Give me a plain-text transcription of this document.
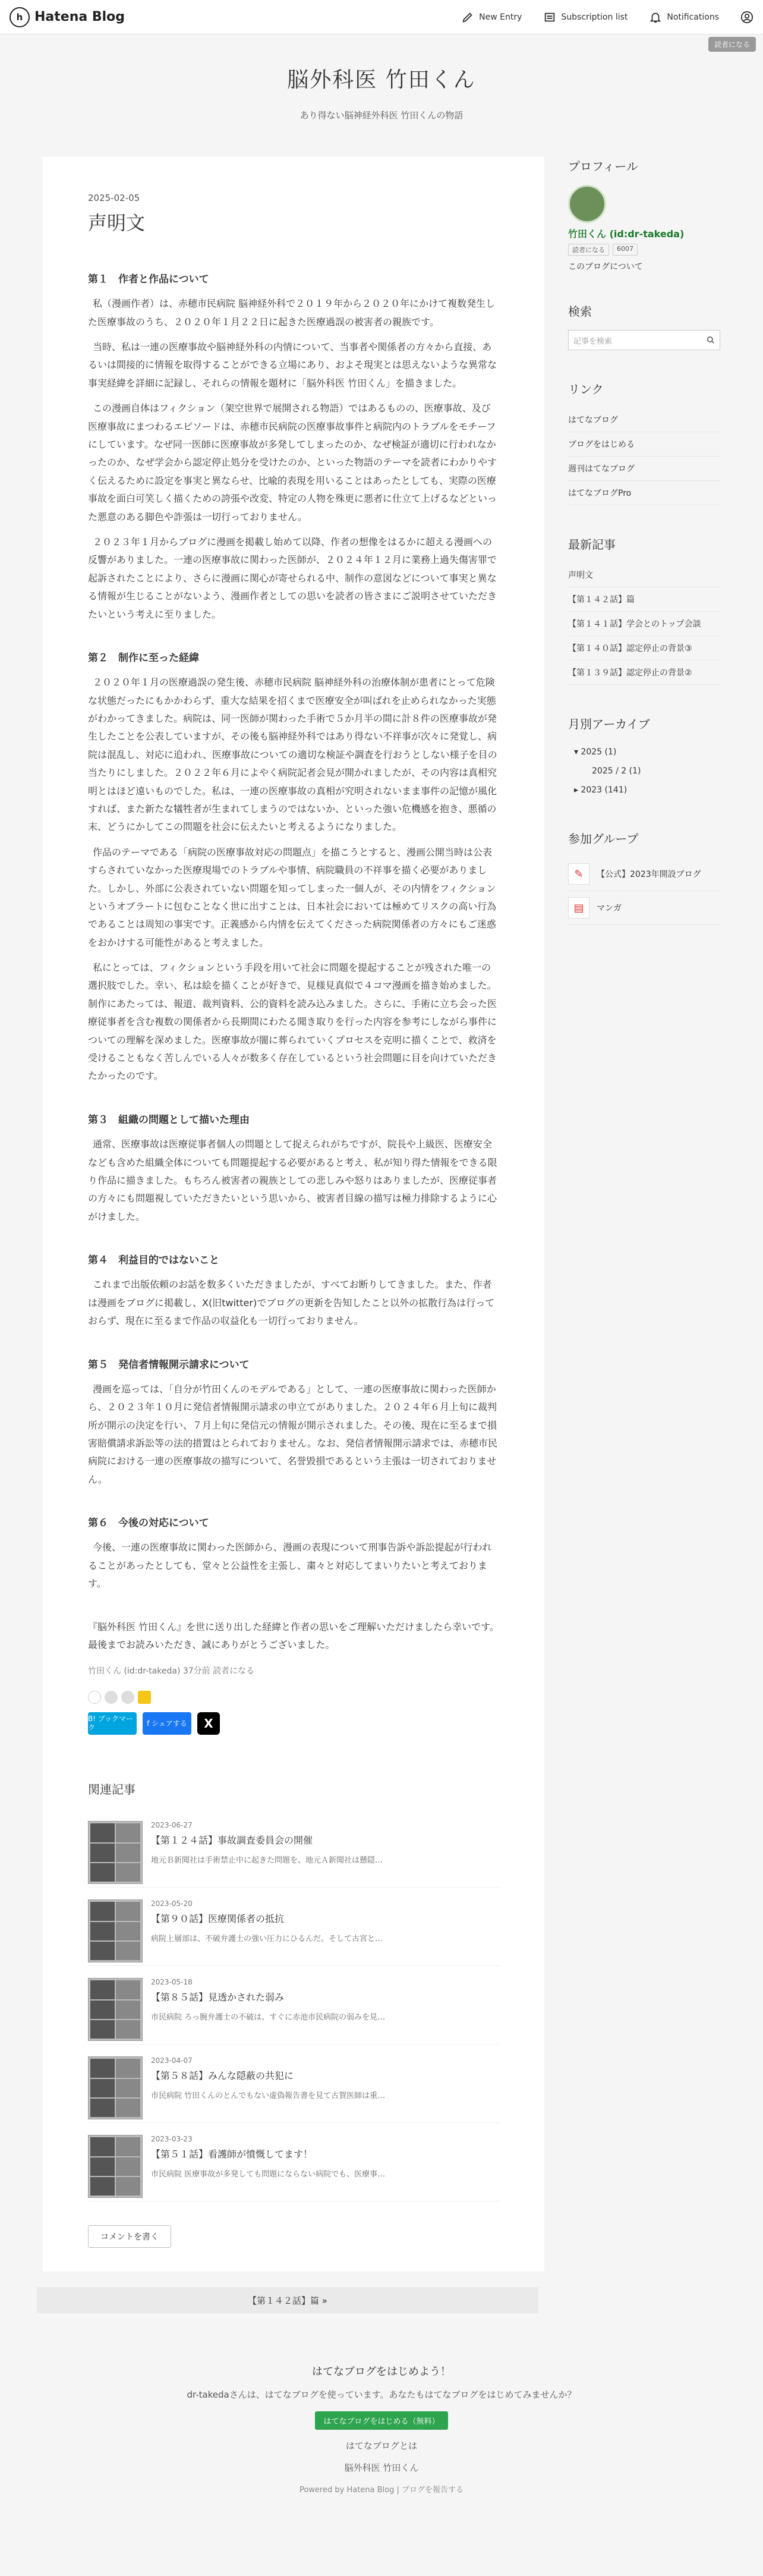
h Hatena Blog	New Entry	Subscription list	Notifications
読者になる
脳外科医 竹田くん

あり得ない脳神経外科医 竹田くんの物語

2025-02-05
声明文
第１　作者と作品について

私（漫画作者）は、赤穂市民病院 脳神経外科で２０１９年から２０２０年にかけて複数発生した医療事故のうち、２０２０年１月２２日に起きた医療過誤の被害者の親族です。

当時、私は一連の医療事故や脳神経外科の内情について、当事者や関係者の方々から直接、あるいは間接的に情報を取得することができる立場にあり、およそ現実とは思えないような異常な事実経緯を詳細に記録し、それらの情報を題材に「脳外科医 竹田くん」を描きました。

この漫画自体はフィクション（架空世界で展開される物語）ではあるものの、医療事故、及び医療事故にまつわるエピソードは、赤穂市民病院の医療事故事件と病院内のトラブルをモチーフにしています。なぜ同一医師に医療事故が多発してしまったのか、なぜ検証が適切に行われなかったのか、なぜ学会から認定停止処分を受けたのか、といった物語のテーマを読者にわかりやすく伝えるために設定を事実と異ならせ、比喩的表現を用いることはあったとしても、実際の医療事故を面白可笑しく描くための誇張や改変、特定の人物を殊更に悪者に仕立て上げるなどといった悪意のある脚色や詐張は一切行っておりません。

２０２３年１月からブログに漫画を掲載し始めて以降、作者の想像をはるかに超える漫画への反響がありました。一連の医療事故に関わった医師が、２０２４年１２月に業務上過失傷害罪で起訴されたことにより、さらに漫画に関心が寄せられる中、制作の意図などについて事実と異なる情報が生じることがないよう、漫画作者としての思いを読者の皆さまにご説明させていただきたいという考えに至りました。

第２　制作に至った経緯

２０２０年１月の医療過誤の発生後、赤穂市民病院 脳神経外科の治療体制が患者にとって危険な状態だったにもかかわらず、重大な結果を招くまで医療安全が叫ばれを止められなかった実態がわかってきました。病院は、同一医師が関わった手術で５か月半の間に計８件の医療事故が発生したことを公表していますが、その後も脳神経外科ではあり得ない不祥事が次々に発覚し、病院は混乱し、対応に追われ、医療事故についての適切な検証や調査を行おうとしない様子を目の当たりにしました。２０２２年６月によやく病院記者会見が開かれましたが、その内容は真相究明とはほど遠いものでした。私は、一連の医療事故の真相が究明されないまま事件の記憶が風化すれば、また新たな犠牲者が生まれてしまうのではないか、といった強い危機感を抱き、悪循の末、どうにかしてこの問題を社会に伝えたいと考えるようになりました。

作品のテーマである「病院の医療事故対応の問題点」を描こうとすると、漫画公開当時は公表すらされていなかった医療現場でのトラブルや事情、病院職員の不祥事を描く必要がありました。しかし、外部に公表されていない問題を知ってしまった一個人が、その内情をフィクションというオブラートに包むことなく世に出すことは、日本社会においては極めてリスクの高い行為であることは周知の事実です。正義感から内情を伝えてくださった病院関係者の方々にもご迷惑をおかけする可能性があると考えました。

私にとっては、フィクションという手段を用いて社会に問題を提起することが残された唯一の選択肢でした。幸い、私は絵を描くことが好きで、見様見真似で４コマ漫画を描き始めました。制作にあたっては、報道、裁判資料、公的資料を読み込みました。さらに、手術に立ち会った医療従事者を含む複数の関係者から長期間にわたる聞き取りを行った内容を参考にしながら事件についての理解を深めました。医療事故が闇に葬られていくプロセスを克明に描くことで、救済を受けることもなく苦しんでいる人々が数多く存在しているという社会問題に目を向けていただきたかったのです。

第３　組織の問題として描いた理由

通常、医療事故は医療従事者個人の問題として捉えられがちですが、院長や上級医、医療安全なども含めた組織全体についても問題提起する必要があると考え、私が知り得た情報をできる限り作品に描きました。もちろん被害者の親族としての悲しみや怒りはありましたが、医療従事者の方々にも問題視していただきたいという思いから、被害者目線の描写は極力排除するように心がけました。

第４　利益目的ではないこと

これまで出版依頼のお話を数多くいただきましたが、すべてお断りしてきました。また、作者は漫画をブログに掲載し、X(旧twitter)でブログの更新を告知したこと以外の拡散行為は行っておらず、現在に至るまで作品の収益化も一切行っておりません。

第５　発信者情報開示請求について

漫画を巡っては、「自分が竹田くんのモデルである」として、一連の医療事故に関わった医師から、２０２３年１０月に発信者情報開示請求の申立てがありました。２０２４年６月上旬に裁判所が開示の決定を行い、７月上旬に発信元の情報が開示されました。その後、現在に至るまで損害賠償請求訴訟等の法的措置はとられておりません。なお、発信者情報開示請求では、赤穂市民病院における一連の医療事故の描写について、名誉毀損であるという主張は一切されておりません。

第６　今後の対応について

今後、一連の医療事故に関わった医師から、漫画の表現について刑事告訴や訴訟提起が行われることがあったとしても、堂々と公益性を主張し、粛々と対応してまいりたいと考えております。

『脳外科医 竹田くん』を世に送り出した経緯と作者の思いをご理解いただけましたら幸いです。最後までお読みいただき、誠にありがとうございました。

竹田くん (id:dr-takeda) 37分前 読者になる
B! ブックマーク
f シェアする X
関連記事
2023-06-27
【第１２４話】事故調査委員会の開催
地元Ｂ新聞社は手術禁止中に起きた問題を、地元Ａ新聞社は懸隠…
2023-05-20
【第９０話】医療関係者の抵抗
病院上層部は、不破弁護士の強い圧力にひるんだ。そして古宮と…
2023-05-18
【第８５話】見透かされた弱み
市民病院 ろっ腕弁護士の不破は、すぐに赤池市民病院の弱みを見…
2023-04-07
【第５８話】みんな隠蔽の共犯に
市民病院 竹田くんのとんでもない虚偽報告書を見て古賀医師は重…
2023-03-23
【第５１話】看護師が憤慨してます！
市民病院 医療事故が多発しても問題にならない病院でも、医療事…
コメントを書く
プロフィール
竹田くん (id:dr-takeda)
読者になる	6007
このブログについて
検索
記事を検索
リンク
はてなブログ
ブログをはじめる
週刊はてなブログ
はてなブログPro
最新記事
声明文
【第１４２話】篇
【第１４１話】学会とのトップ会談
【第１４０話】認定停止の背景③
【第１３９話】認定停止の背景②
月別アーカイブ
▾ 2025 (1)
2025 / 2 (1)
▸ 2023 (141)
参加グループ
✎	【公式】2023年開設ブログ
▤	マンガ
【第１４２話】篇 »
はてなブログをはじめよう！
dr-takedaさんは、はてなブログを使っています。あなたもはてなブログをはじめてみませんか？
はてなブログをはじめる（無料）
はてなブログとは
脳外科医 竹田くん
Powered by Hatena Blog | ブログを報告する
